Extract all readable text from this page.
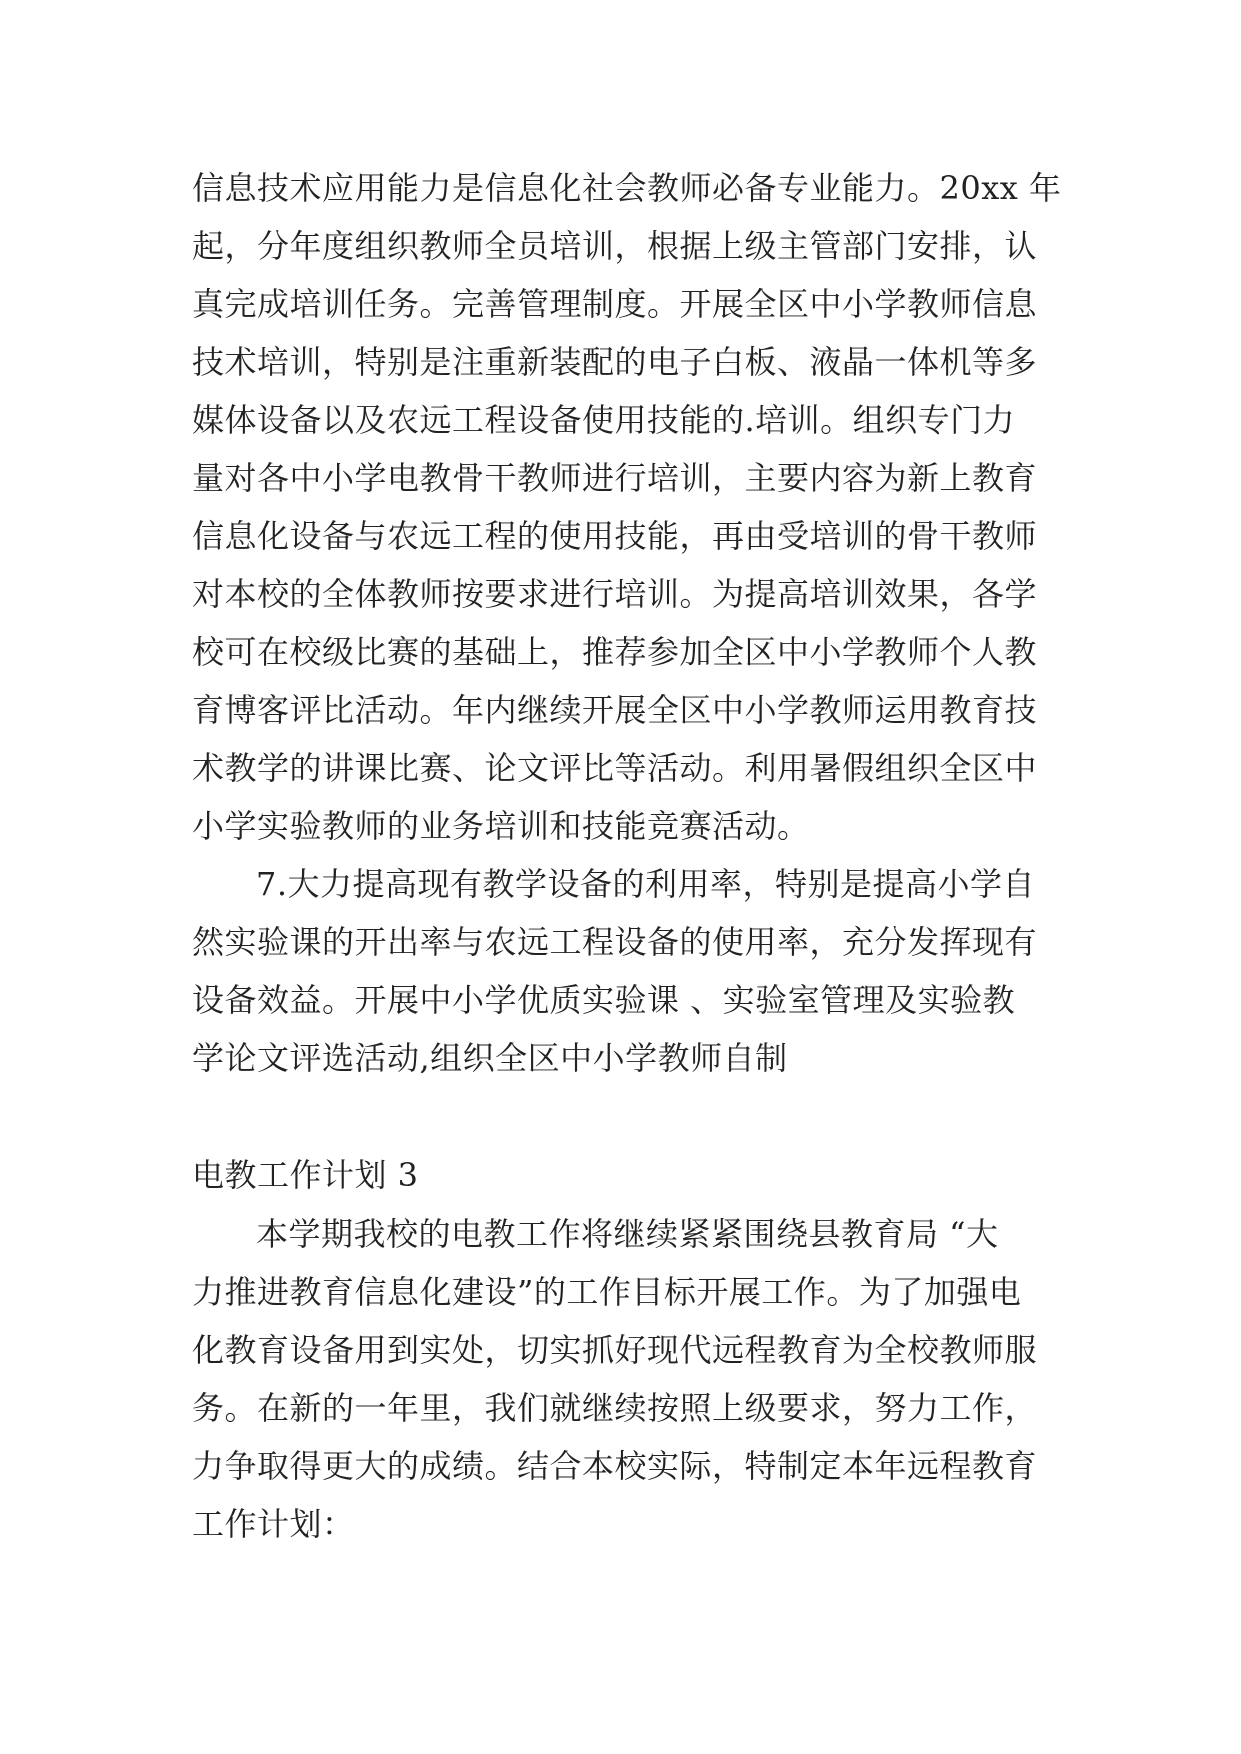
信息技术应用能力是信息化社会教师必备专业能力。20xx 年
起，分年度组织教师全员培训，根据上级主管部门安排，认
真完成培训任务。完善管理制度。开展全区中小学教师信息
技术培训，特别是注重新装配的电子白板、液晶一体机等多
媒体设备以及农远工程设备使用技能的.培训。组织专门力
量对各中小学电教骨干教师进行培训，主要内容为新上教育
信息化设备与农远工程的使用技能，再由受培训的骨干教师
对本校的全体教师按要求进行培训。为提高培训效果，各学
校可在校级比赛的基础上，推荐参加全区中小学教师个人教
育博客评比活动。年内继续开展全区中小学教师运用教育技
术教学的讲课比赛、论文评比等活动。利用暑假组织全区中
小学实验教师的业务培训和技能竞赛活动。
7.大力提高现有教学设备的利用率，特别是提高小学自
然实验课的开出率与农远工程设备的使用率，充分发挥现有
设备效益。开展中小学优质实验课 、实验室管理及实验教
学论文评选活动,组织全区中小学教师自制
电教工作计划 3
本学期我校的电教工作将继续紧紧围绕县教育局 “大
力推进教育信息化建设”的工作目标开展工作。为了加强电
化教育设备用到实处，切实抓好现代远程教育为全校教师服
务。在新的一年里，我们就继续按照上级要求，努力工作，
力争取得更大的成绩。结合本校实际，特制定本年远程教育
工作计划：
